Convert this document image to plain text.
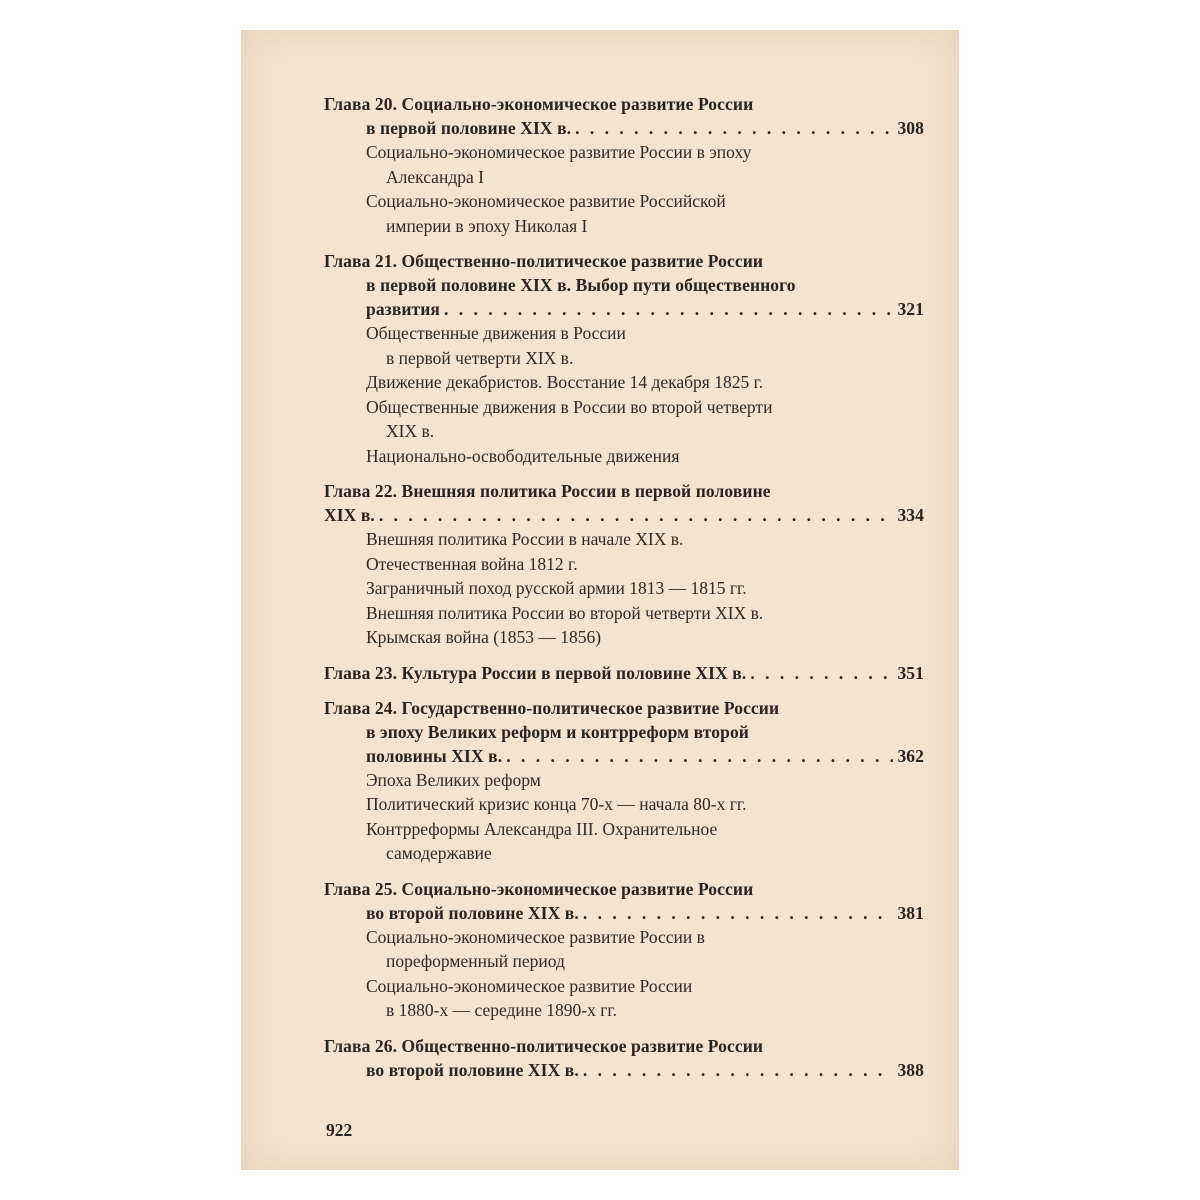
Глава 20. Социально-экономическое развитие России
в первой половине XIX в. . . .	308
Социально-экономическое развитие России в эпоху
Александра I
Социально-экономическое развитие Российской
империи в эпоху Николая I
Глава 21. Общественно-политическое развитие России
в первой половине XIX в. Выбор пути общественного
развития . . .	321
Общественные движения в России
в первой четверти XIX в.
Движение декабристов. Восстание 14 декабря 1825 г.
Общественные движения в России во второй четверти
XIX в.
Национально-освободительные движения
Глава 22. Внешняя политика России в первой половине
XIX в. . . .	334
Внешняя политика России в начале XIX в.
Отечественная война 1812 г.
Заграничный поход русской армии 1813 — 1815 гг.
Внешняя политика России во второй четверти XIX в.
Крымская война (1853 — 1856)
Глава 23. Культура России в первой половине XIX в. . . .	351
Глава 24. Государственно-политическое развитие России
в эпоху Великих реформ и контрреформ второй
половины XIX в. . . .	362
Эпоха Великих реформ
Политический кризис конца 70-х — начала 80-х гг.
Контрреформы Александра III. Охранительное
самодержавие
Глава 25. Социально-экономическое развитие России
во второй половине XIX в. . . .	381
Социально-экономическое развитие России в
пореформенный период
Социально-экономическое развитие России
в 1880-х — середине 1890-х гг.
Глава 26. Общественно-политическое развитие России
во второй половине XIX в. . . .	388
922
